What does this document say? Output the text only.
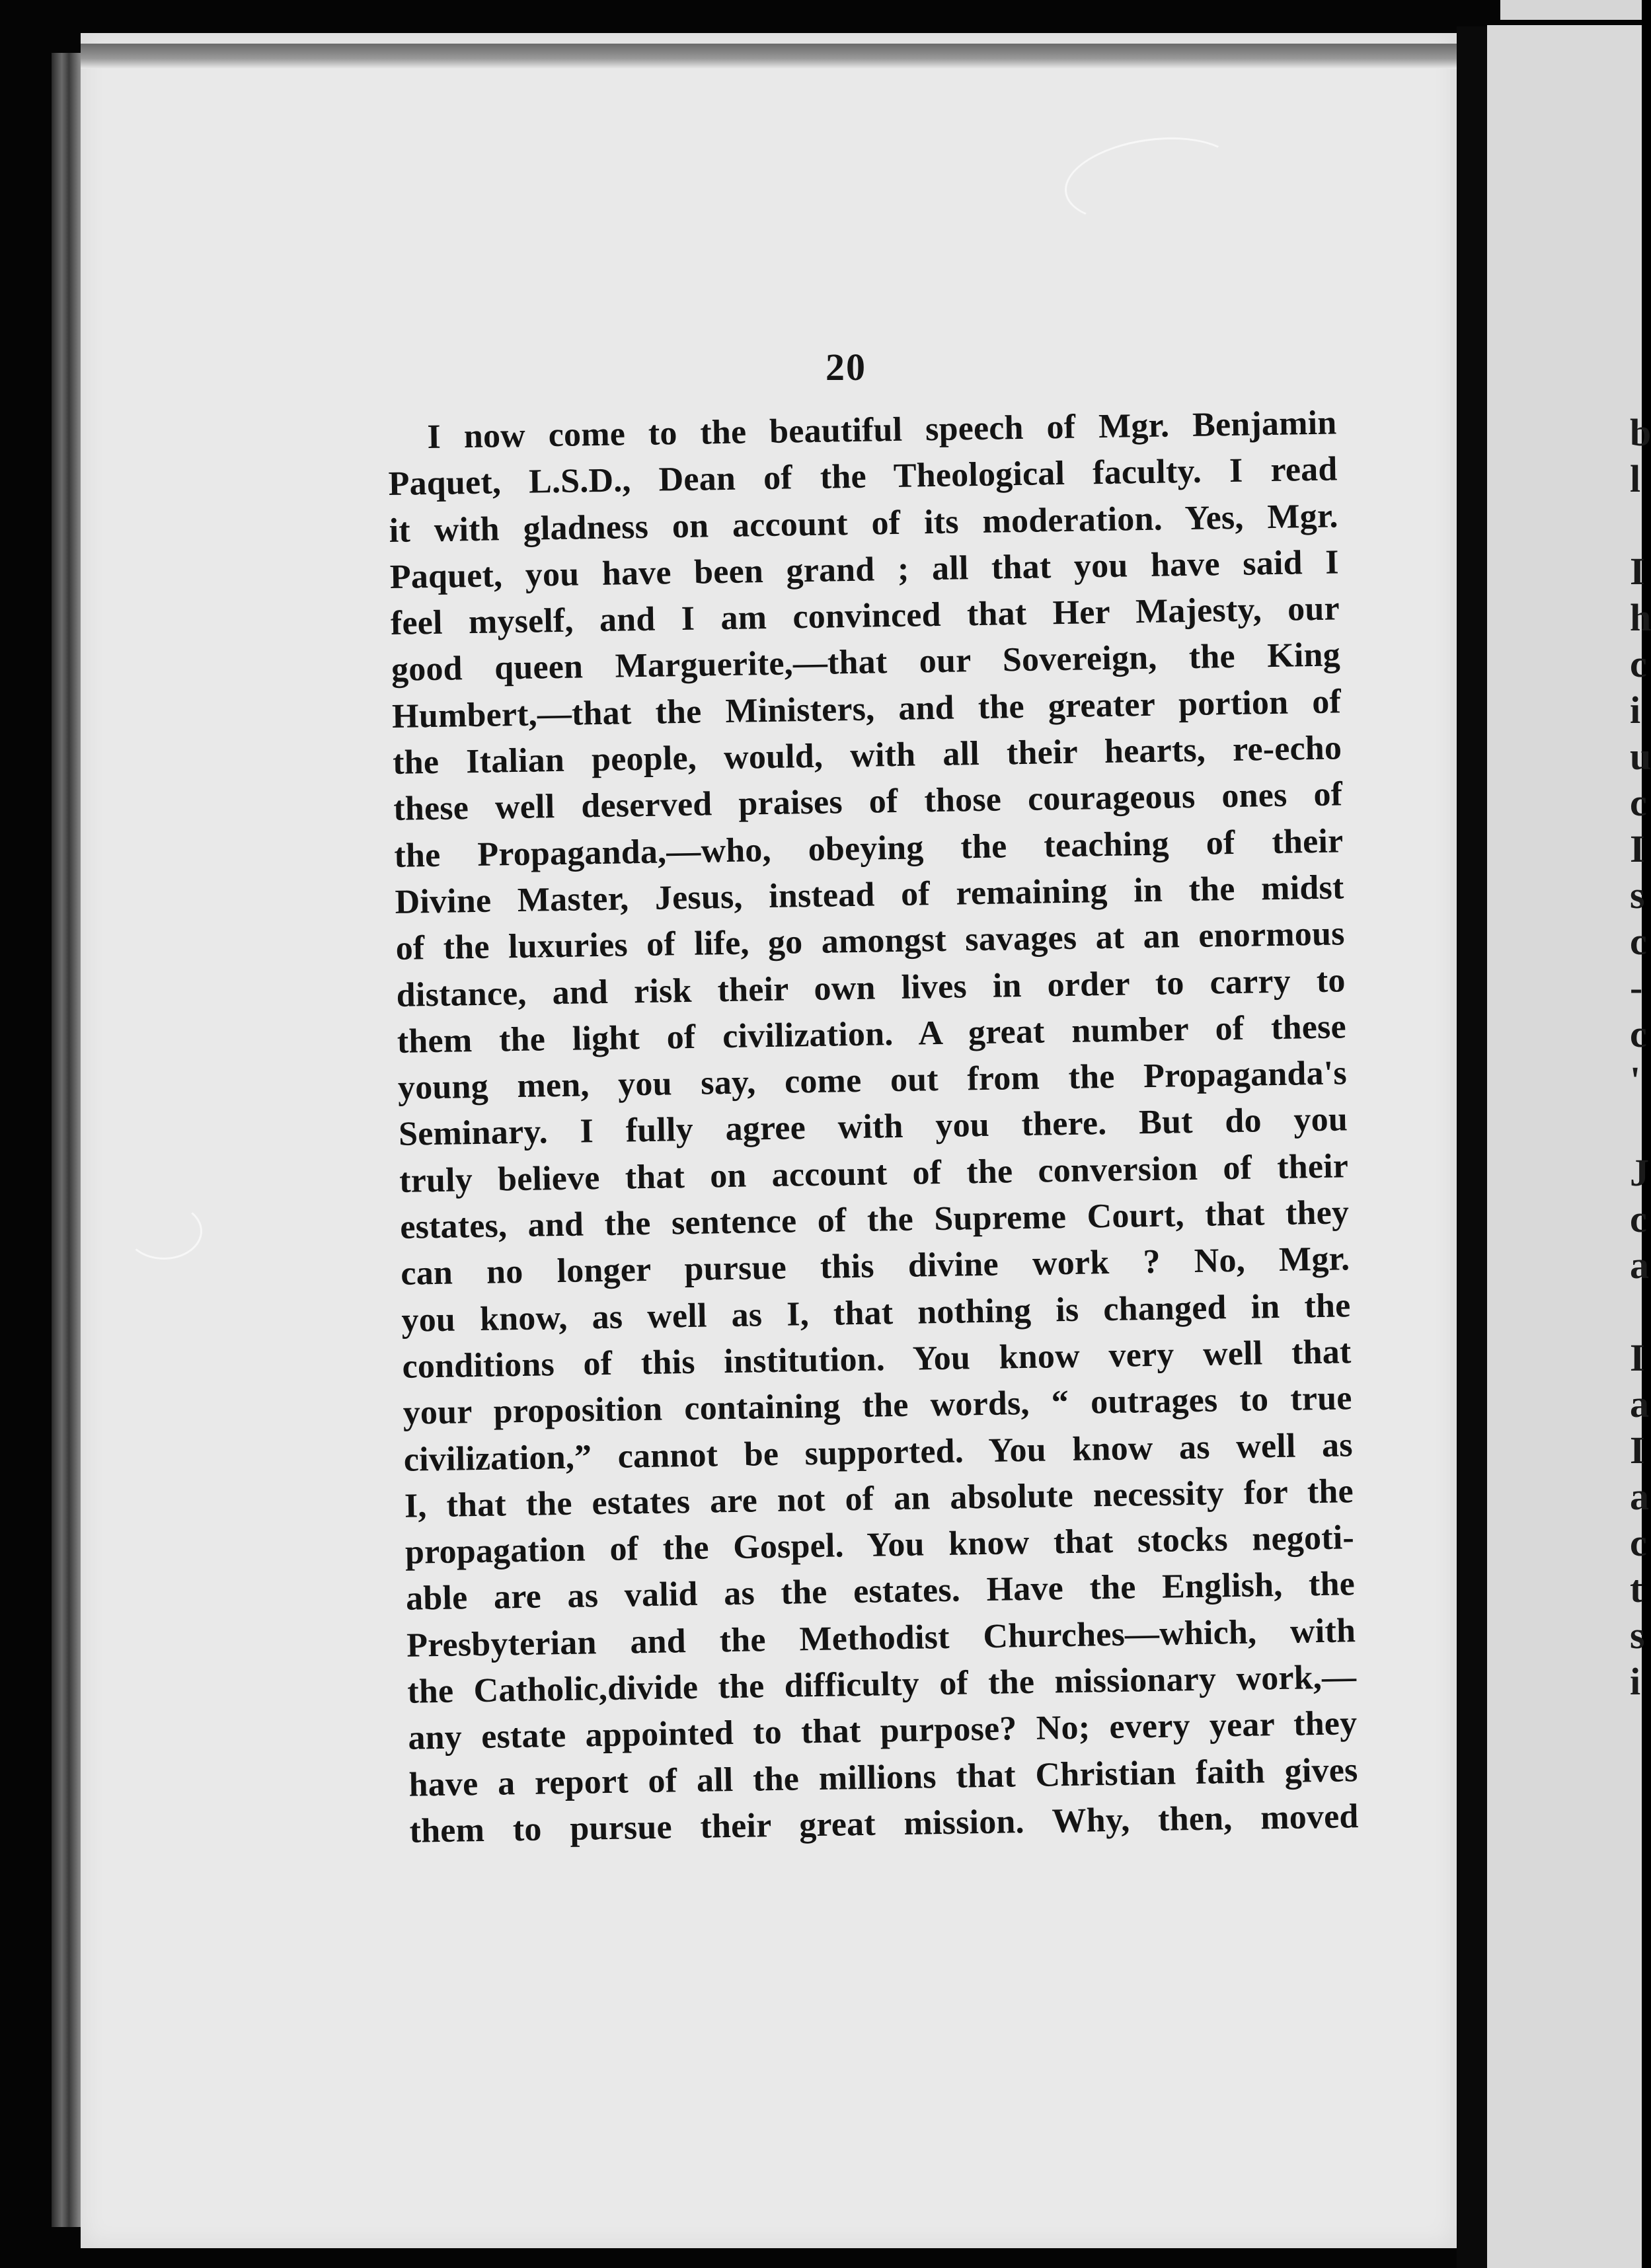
b
l

I
h
c
i
u
c
I
s
c
-
c
'

J
c
a

I
a
I
a
c
t
s
i
20
I now come to the beautiful speech of Mgr. Benjamin
Paquet, L.S.D., Dean of the Theological faculty. I read
it with gladness on account of its moderation. Yes, Mgr.
Paquet, you have been grand ; all that you have said I
feel myself, and I am convinced that Her Majesty, our
good queen Marguerite,—that our Sovereign, the King
Humbert,—that the Ministers, and the greater portion of
the Italian people, would, with all their hearts, re-echo
these well deserved praises of those courageous ones of
the Propaganda,—who, obeying the teaching of their
Divine Master, Jesus, instead of remaining in the midst
of the luxuries of life, go amongst savages at an enormous
distance, and risk their own lives in order to carry to
them the light of civilization. A great number of these
young men, you say, come out from the Propaganda's
Seminary. I fully agree with you there. But do you
truly believe that on account of the conversion of their
estates, and the sentence of the Supreme Court, that they
can no longer pursue this divine work ? No, Mgr.
you know, as well as I, that nothing is changed in the
conditions of this institution. You know very well that
your proposition containing the words, “ outrages to true
civilization,” cannot be supported. You know as well as
I, that the estates are not of an absolute necessity for the
propagation of the Gospel. You know that stocks negoti-
able are as valid as the estates. Have the English, the
Presbyterian and the Methodist Churches—which, with
the Catholic,divide the difficulty of the missionary work,—
any estate appointed to that purpose? No; every year they
have a report of all the millions that Christian faith gives
them to pursue their great mission. Why, then, moved
